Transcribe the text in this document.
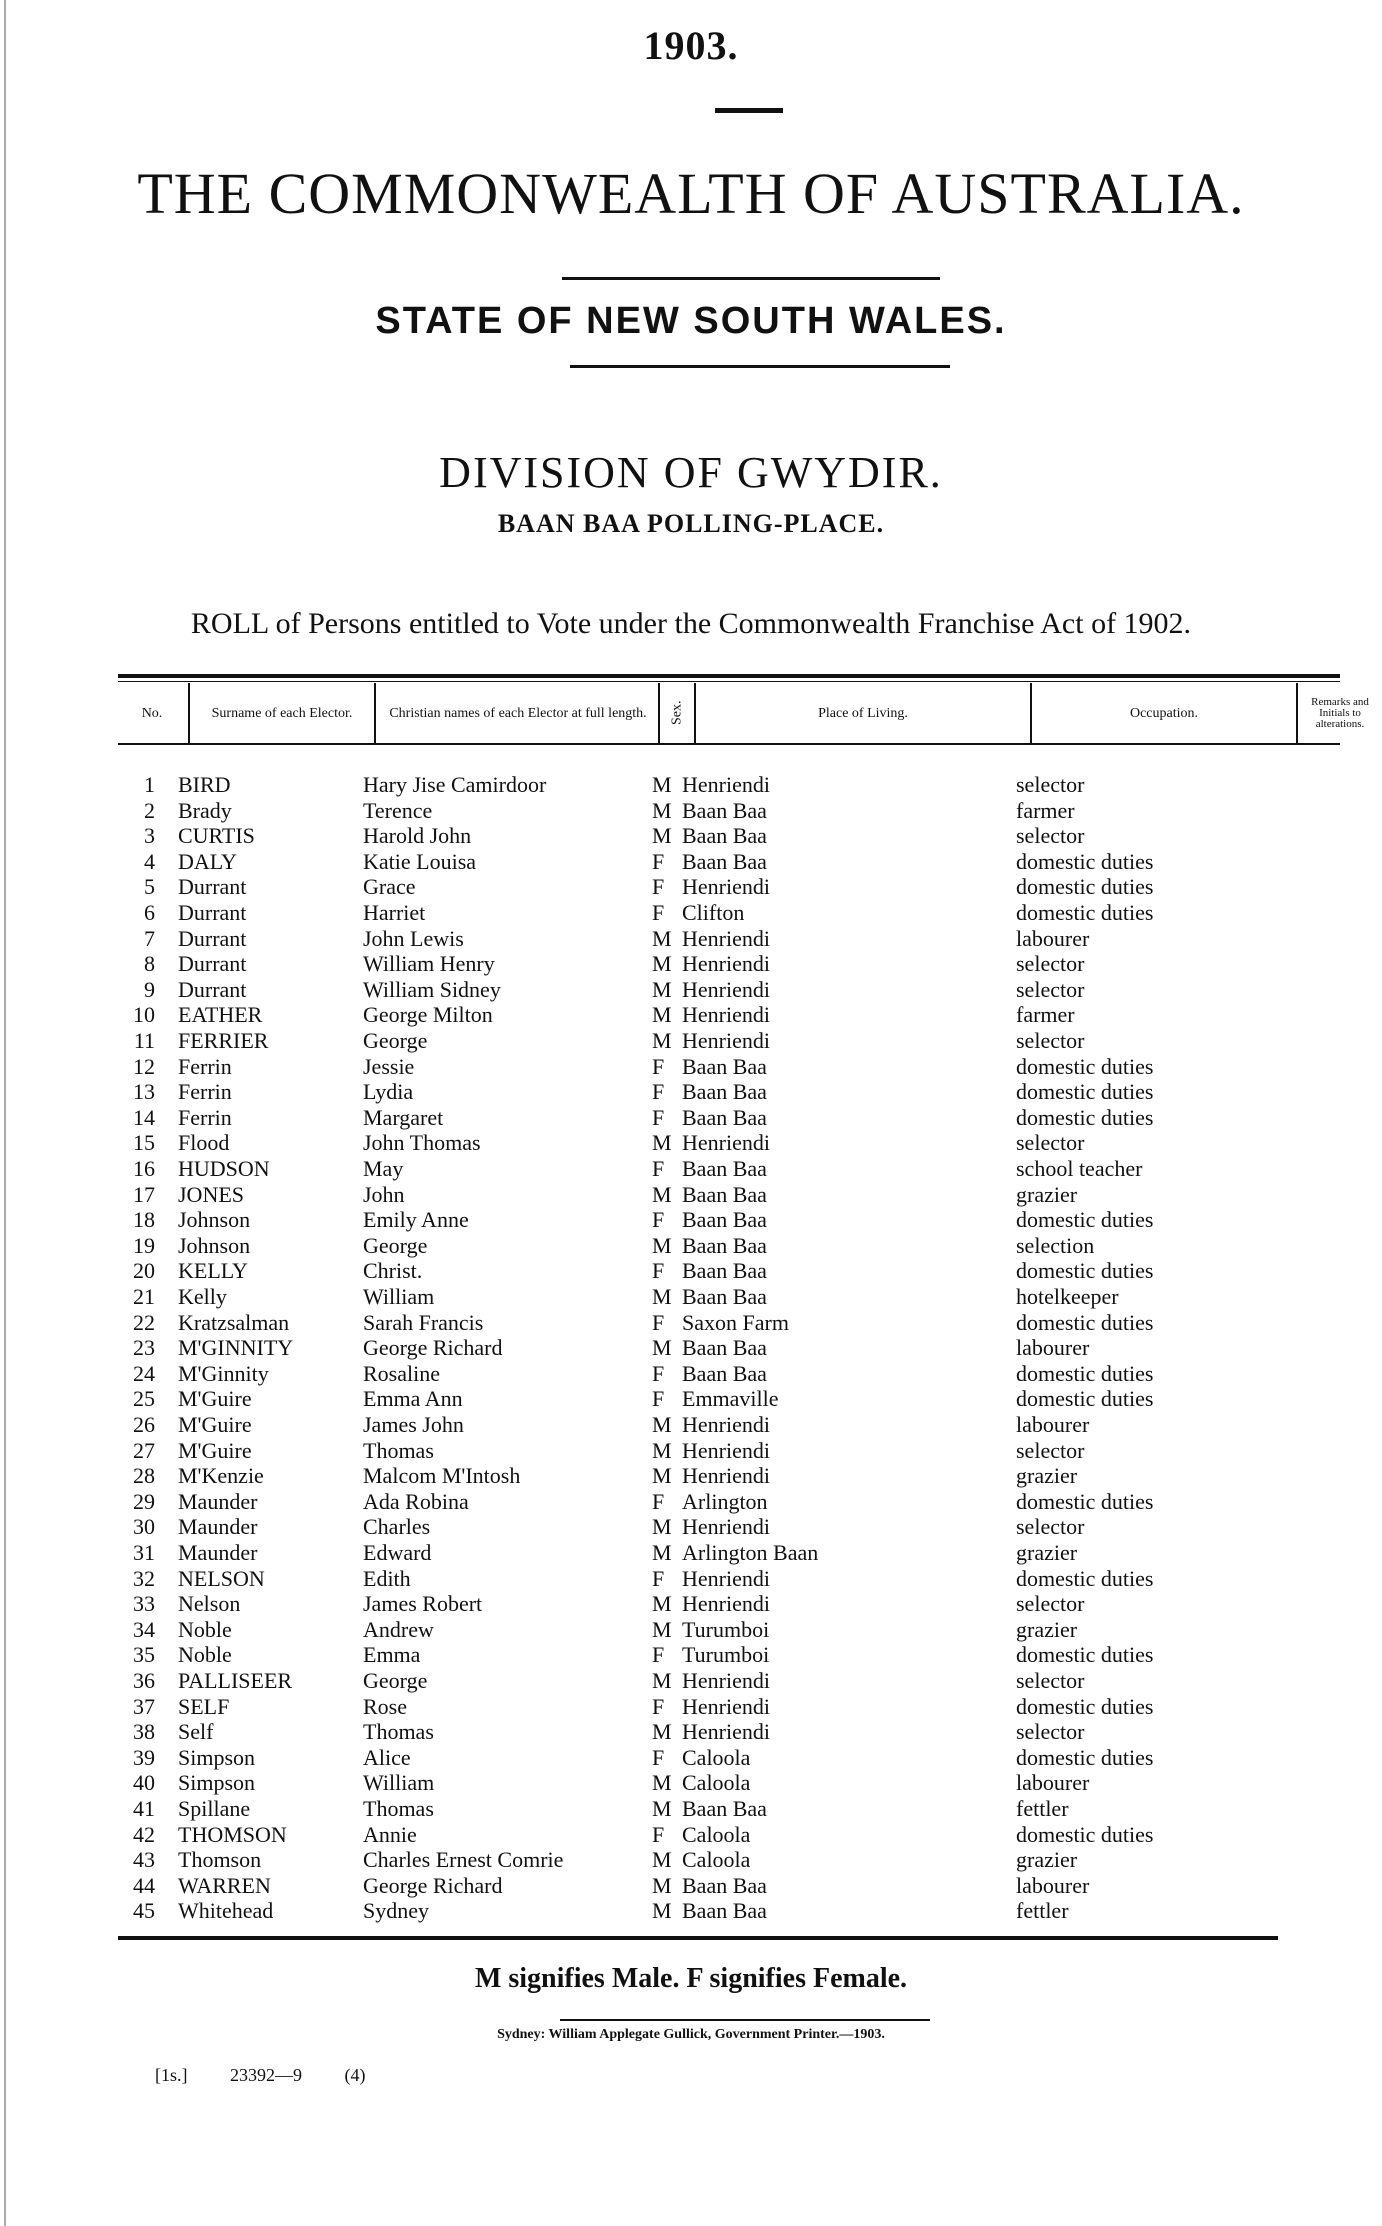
1903.
THE COMMONWEALTH OF AUSTRALIA.
STATE OF NEW SOUTH WALES.
DIVISION OF GWYDIR.
BAAN BAA POLLING-PLACE.
ROLL of Persons entitled to Vote under the Commonwealth Franchise Act of 1902.
No.	Surname of each Elector.	Christian names of each Elector at full length.	Sex.	Place of Living.	Occupation.
Remarks and Initials to alterations.
1 BIRD	Hary Jise Camirdoor	M Henriendi	selector
2 Brady	Terence	M Baan Baa	farmer
3 CURTIS	Harold John	M Baan Baa	selector
4 DALY	Katie Louisa	F Baan Baa	domestic duties
5 Durrant	Grace	F Henriendi	domestic duties
6 Durrant	Harriet	F Clifton	domestic duties
7 Durrant	John Lewis	M Henriendi	labourer
8 Durrant	William Henry	M Henriendi	selector
9 Durrant	William Sidney	M Henriendi	selector
10 EATHER	George Milton	M Henriendi	farmer
11 FERRIER	George	M Henriendi	selector
12 Ferrin	Jessie	F Baan Baa	domestic duties
13 Ferrin	Lydia	F Baan Baa	domestic duties
14 Ferrin	Margaret	F Baan Baa	domestic duties
15 Flood	John Thomas	M Henriendi	selector
16 HUDSON	May	F Baan Baa	school teacher
17 JONES	John	M Baan Baa	grazier
18 Johnson	Emily Anne	F Baan Baa	domestic duties
19 Johnson	George	M Baan Baa	selection
20 KELLY	Christ.	F Baan Baa	domestic duties
21 Kelly	William	M Baan Baa	hotelkeeper
22 Kratzsalman	Sarah Francis	F Saxon Farm	domestic duties
23 M'GINNITY	George Richard	M Baan Baa	labourer
24 M'Ginnity	Rosaline	F Baan Baa	domestic duties
25 M'Guire	Emma Ann	F Emmaville	domestic duties
26 M'Guire	James John	M Henriendi	labourer
27 M'Guire	Thomas	M Henriendi	selector
28 M'Kenzie	Malcom M'Intosh	M Henriendi	grazier
29 Maunder	Ada Robina	F Arlington	domestic duties
30 Maunder	Charles	M Henriendi	selector
31 Maunder	Edward	M Arlington Baan	grazier
32 NELSON	Edith	F Henriendi	domestic duties
33 Nelson	James Robert	M Henriendi	selector
34 Noble	Andrew	M Turumboi	grazier
35 Noble	Emma	F Turumboi	domestic duties
36 PALLISEER	George	M Henriendi	selector
37 SELF	Rose	F Henriendi	domestic duties
38 Self	Thomas	M Henriendi	selector
39 Simpson	Alice	F Caloola	domestic duties
40 Simpson	William	M Caloola	labourer
41 Spillane	Thomas	M Baan Baa	fettler
42 THOMSON	Annie	F Caloola	domestic duties
43 Thomson	Charles Ernest Comrie	M Caloola	grazier
44 WARREN	George Richard	M Baan Baa	labourer
45 Whitehead	Sydney	M Baan Baa	fettler
M signifies Male. F signifies Female.
Sydney: William Applegate Gullick, Government Printer.—1903.
[1s.] 23392—9 (4)
